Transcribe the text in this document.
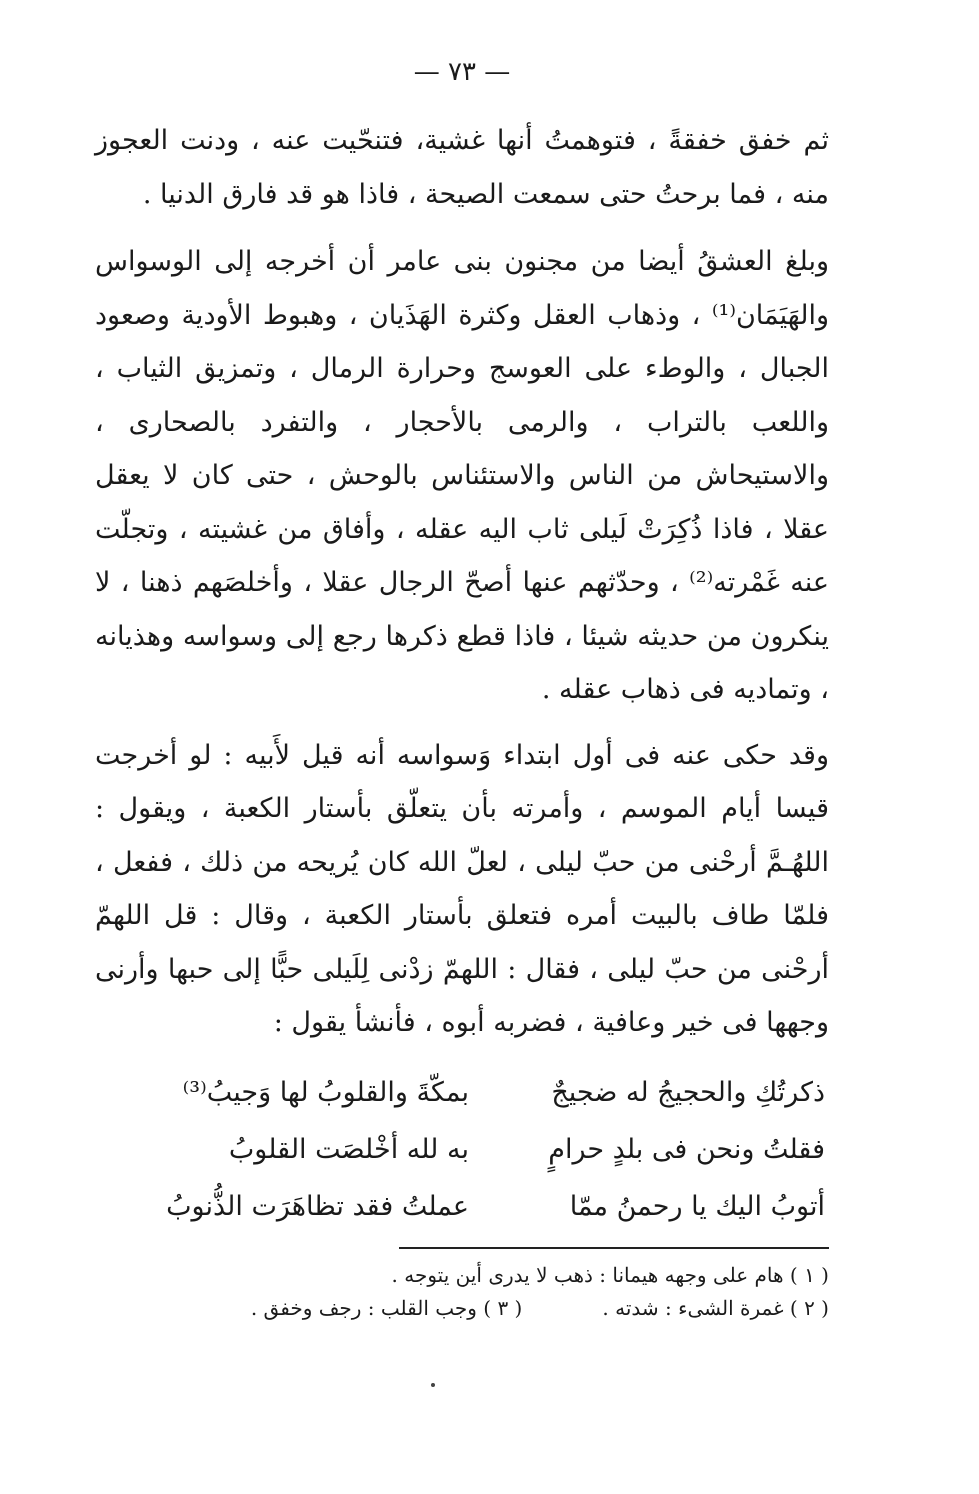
— ٧٣ —

ثم خفق خفقةً ، فتوهمتُ أنها غشية، فتنحّيت عنه ، ودنت العجوز منه ، فما برحتُ حتى سمعت الصيحة ، فاذا هو قد فارق الدنيا .

وبلغ العشقُ أيضا من مجنون بنى عامر أن أخرجه إلى الوسواس والهَيَمَان⁽¹⁾ ، وذهاب العقل وكثرة الهَذَيان ، وهبوط الأودية وصعود الجبال ، والوطء على العوسج وحرارة الرمال ، وتمزيق الثياب ، واللعب بالتراب ، والرمى بالأحجار ، والتفرد بالصحارى ، والاستيحاش من الناس والاستئناس بالوحش ، حتى كان لا يعقل عقلا ، فاذا ذُكِرَتْ لَيلى ثاب اليه عقله ، وأفاق من غشيته ، وتجلّت عنه غَمْرته⁽²⁾ ، وحدّثهم عنها أصحّ الرجال عقلا ، وأخلصَهم ذهنا ، لا ينكرون من حديثه شيئا ، فاذا قطع ذكرها رجع إلى وسواسه وهذيانه ، وتماديه فى ذهاب عقله .

وقد حكى عنه فى أول ابتداء وَسواسه أنه قيل لأَبيه : لو أخرجت قيسا أيام الموسم ، وأمرته بأن يتعلّق بأستار الكعبة ، ويقول : اللهُـمَّ أرحْنى من حبّ ليلى ، لعلّ الله كان يُريحه من ذلك ، ففعل ، فلمّا طاف بالبيت أمره فتعلق بأستار الكعبة ، وقال : قل اللهمّ أرحْنى من حبّ ليلى ، فقال : اللهمّ زدْنى لِلَيلى حبًّا إلى حبها وأرنى وجهها فى خير وعافية ، فضربه أبوه ، فأنشأ يقول :

ذكرتُكِ والحجيجُ له ضجيجٌ
بمكّةَ والقلوبُ لها وَجيبُ⁽³⁾
فقلتُ ونحن فى بلدٍ حرامٍ
به لله أخْلصَت القلوبُ
أتوبُ اليك يا رحمنُ ممّا
عملتُ فقد تظاهَرَت الذُّنوبُ
( ١ ) هام على وجهه هيمانا : ذهب لا يدرى أين يتوجه .
( ٢ ) غمرة الشىء : شدته .
( ٣ ) وجب القلب : رجف وخفق .
